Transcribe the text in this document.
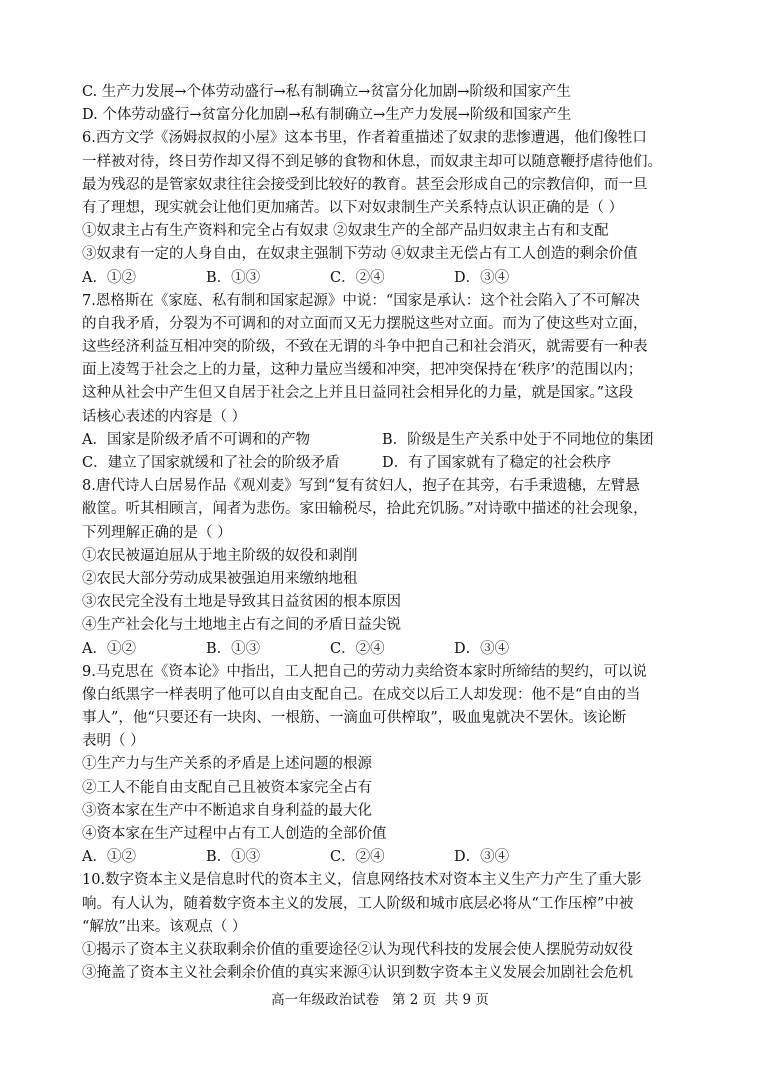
C. 生产力发展→个体劳动盛行→私有制确立→贫富分化加剧→阶级和国家产生
D. 个体劳动盛行→贫富分化加剧→私有制确立→生产力发展→阶级和国家产生
6.西方文学《汤姆叔叔的小屋》这本书里，作者着重描述了奴隶的悲惨遭遇，他们像牲口
一样被对待，终日劳作却又得不到足够的食物和休息，而奴隶主却可以随意鞭抒虐待他们。
最为残忍的是管家奴隶往往会接受到比较好的教育。甚至会形成自己的宗教信仰，而一旦
有了理想，现实就会让他们更加痛苦。以下对奴隶制生产关系特点认识正确的是（ ）
①奴隶主占有生产资料和完全占有奴隶 ②奴隶生产的全部产品归奴隶主占有和支配
③奴隶有一定的人身自由，在奴隶主强制下劳动 ④奴隶主无偿占有工人创造的剩余价值
A．①②	B．①③	C．②④	D．③④
7.恩格斯在《家庭、私有制和国家起源》中说：“国家是承认：这个社会陷入了不可解决
的自我矛盾，分裂为不可调和的对立面而又无力摆脱这些对立面。而为了使这些对立面，
这些经济利益互相冲突的阶级，不致在无谓的斗争中把自己和社会消灭，就需要有一种表
面上凌驾于社会之上的力量，这种力量应当缓和冲突，把冲突保持在‘秩序’的范围以内；
这种从社会中产生但又自居于社会之上并且日益同社会相异化的力量，就是国家。”这段
话核心表述的内容是（ ）
A．国家是阶级矛盾不可调和的产物	B．阶级是生产关系中处于不同地位的集团
C．建立了国家就缓和了社会的阶级矛盾	D．有了国家就有了稳定的社会秩序
8.唐代诗人白居易作品《观刈麦》写到“复有贫妇人，抱子在其旁，右手秉遗穗，左臂悬
敝筐。听其相顾言，闻者为悲伤。家田输税尽，拾此充饥肠。”对诗歌中描述的社会现象，
下列理解正确的是（ ）
①农民被逼迫屈从于地主阶级的奴役和剥削
②农民大部分劳动成果被强迫用来缴纳地租
③农民完全没有土地是导致其日益贫困的根本原因
④生产社会化与土地地主占有之间的矛盾日益尖锐
A．①②	B．①③	C．②④	D．③④
9.马克思在《资本论》中指出，工人把自己的劳动力卖给资本家时所缔结的契约，可以说
像白纸黑字一样表明了他可以自由支配自己。在成交以后工人却发现：他不是“自由的当
事人”，他“只要还有一块肉、一根筋、一滴血可供榨取”，吸血鬼就决不罢休。该论断
表明（ ）
①生产力与生产关系的矛盾是上述问题的根源
②工人不能自由支配自己且被资本家完全占有
③资本家在生产中不断追求自身利益的最大化
④资本家在生产过程中占有工人创造的全部价值
A．①②	B．①③	C．②④	D．③④
10.数字资本主义是信息时代的资本主义，信息网络技术对资本主义生产力产生了重大影
响。有人认为，随着数字资本主义的发展，工人阶级和城市底层必将从“工作压榨”中被
“解放”出来。该观点（ ）
①揭示了资本主义获取剩余价值的重要途径②认为现代科技的发展会使人摆脱劳动奴役
③掩盖了资本主义社会剩余价值的真实来源④认识到数字资本主义发展会加剧社会危机
高一年级政治试卷   第 2 页  共 9 页
